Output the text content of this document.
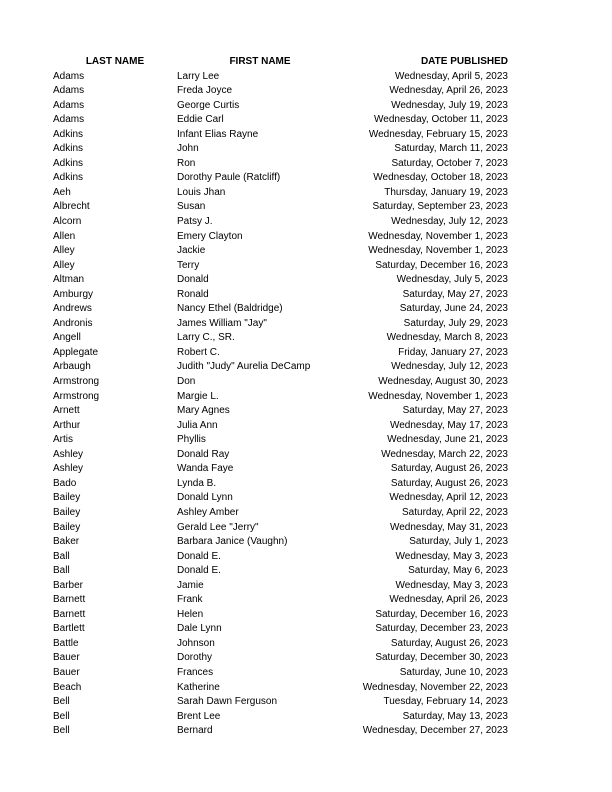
LAST NAME	FIRST NAME	DATE PUBLISHED
Adams	Larry Lee	Wednesday, April 5, 2023
Adams	Freda Joyce	Wednesday, April 26, 2023
Adams	George Curtis	Wednesday, July 19, 2023
Adams	Eddie Carl	Wednesday, October 11, 2023
Adkins	Infant Elias Rayne	Wednesday, February 15, 2023
Adkins	John	Saturday, March 11, 2023
Adkins	Ron	Saturday, October 7, 2023
Adkins	Dorothy Paule (Ratcliff)	Wednesday, October 18, 2023
Aeh	Louis Jhan	Thursday, January 19, 2023
Albrecht	Susan	Saturday, September 23, 2023
Alcorn	Patsy J.	Wednesday, July 12, 2023
Allen	Emery Clayton	Wednesday, November 1, 2023
Alley	Jackie	Wednesday, November 1, 2023
Alley	Terry	Saturday, December 16, 2023
Altman	Donald	Wednesday, July 5, 2023
Amburgy	Ronald	Saturday, May 27, 2023
Andrews	Nancy Ethel (Baldridge)	Saturday, June 24, 2023
Andronis	James William "Jay"	Saturday, July 29, 2023
Angell	Larry C., SR.	Wednesday, March 8, 2023
Applegate	Robert C.	Friday, January 27, 2023
Arbaugh	Judith "Judy" Aurelia DeCamp	Wednesday, July 12, 2023
Armstrong	Don	Wednesday, August 30, 2023
Armstrong	Margie L.	Wednesday, November 1, 2023
Arnett	Mary Agnes	Saturday, May 27, 2023
Arthur	Julia Ann	Wednesday, May 17, 2023
Artis	Phyllis	Wednesday, June 21, 2023
Ashley	Donald Ray	Wednesday, March 22, 2023
Ashley	Wanda Faye	Saturday, August 26, 2023
Bado	Lynda B.	Saturday, August 26, 2023
Bailey	Donald Lynn	Wednesday, April 12, 2023
Bailey	Ashley Amber	Saturday, April 22, 2023
Bailey	Gerald Lee "Jerry"	Wednesday, May 31, 2023
Baker	Barbara Janice (Vaughn)	Saturday, July 1, 2023
Ball	Donald E.	Wednesday, May 3, 2023
Ball	Donald E.	Saturday, May 6, 2023
Barber	Jamie	Wednesday, May 3, 2023
Barnett	Frank	Wednesday, April 26, 2023
Barnett	Helen	Saturday, December 16, 2023
Bartlett	Dale Lynn	Saturday, December 23, 2023
Battle	Johnson	Saturday, August 26, 2023
Bauer	Dorothy	Saturday, December 30, 2023
Bauer	Frances	Saturday, June 10, 2023
Beach	Katherine	Wednesday, November 22, 2023
Bell	Sarah Dawn Ferguson	Tuesday, February 14, 2023
Bell	Brent Lee	Saturday, May 13, 2023
Bell	Bernard	Wednesday, December 27, 2023
